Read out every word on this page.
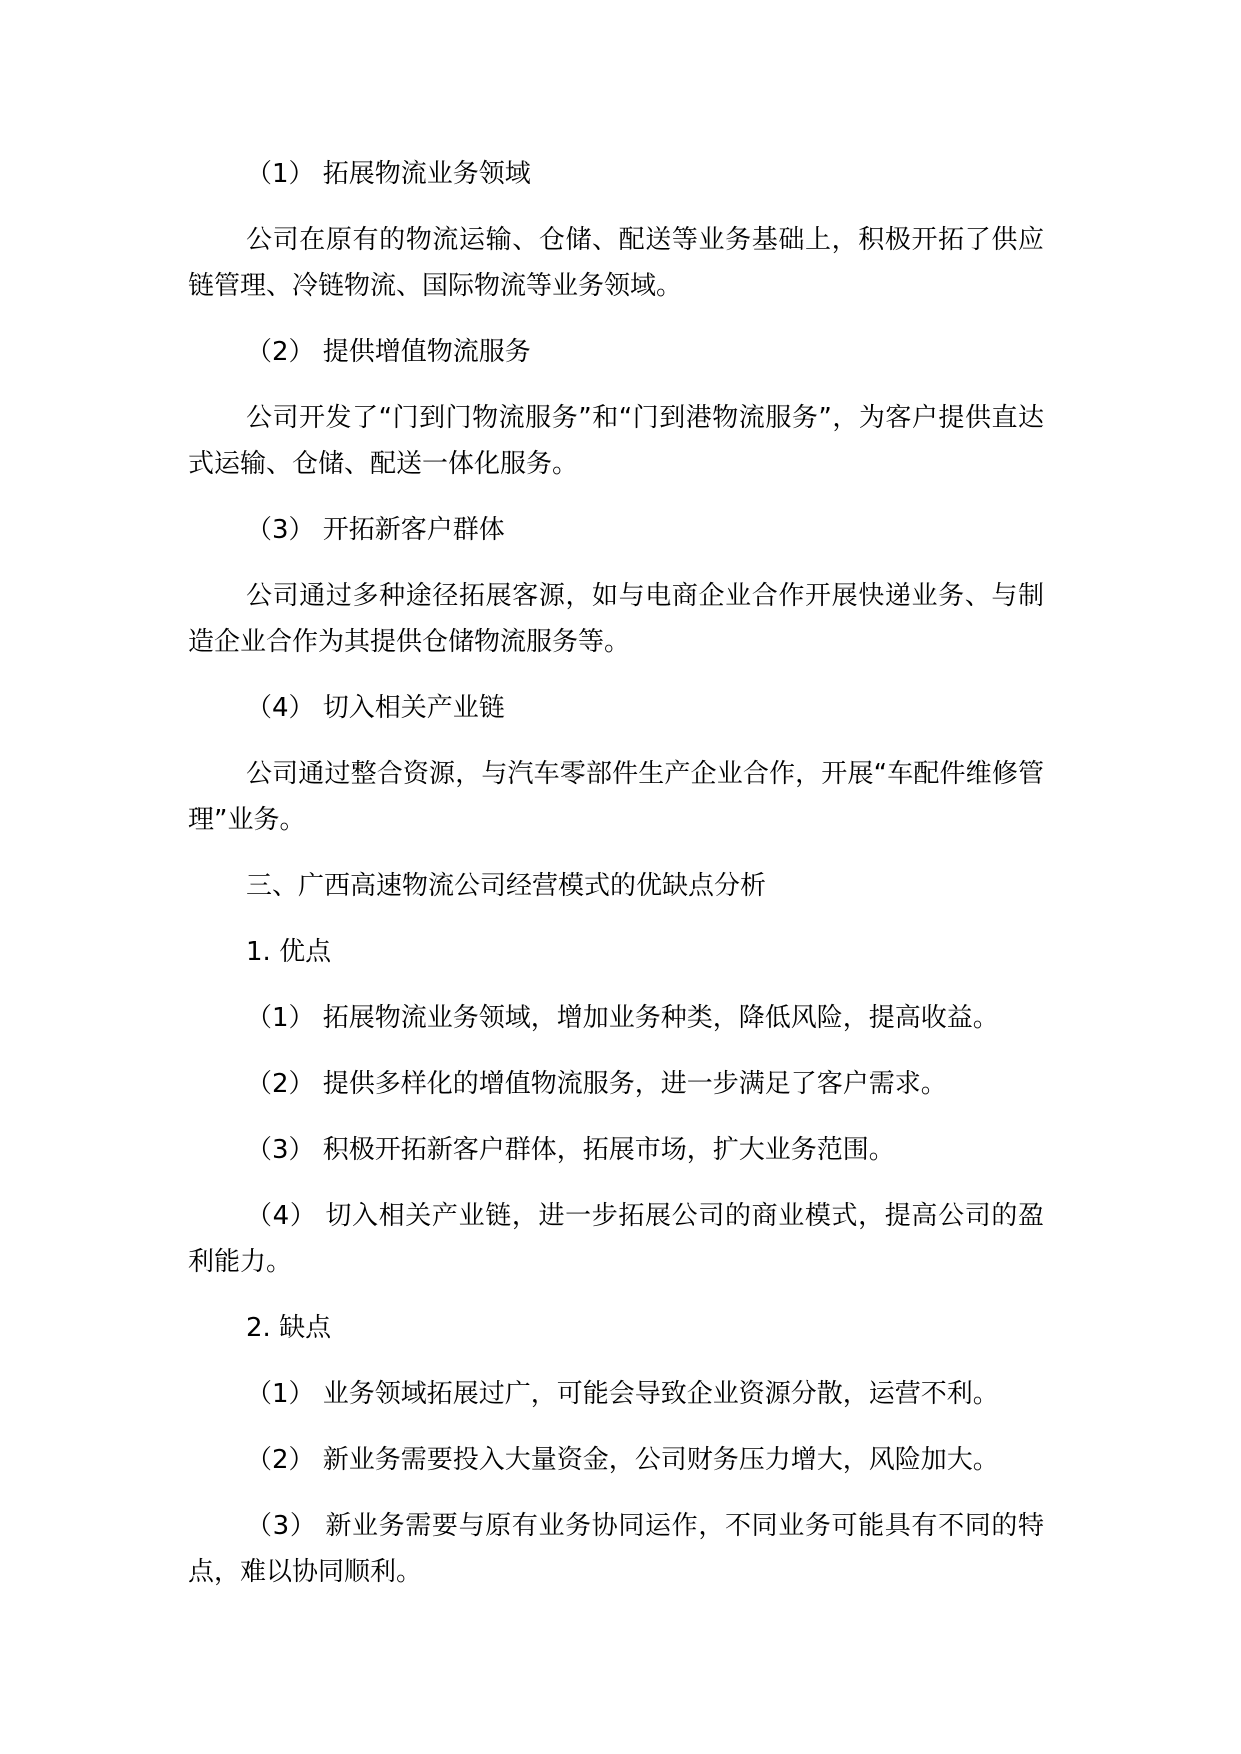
（1） 拓展物流业务领域

公司在原有的物流运输、仓储、配送等业务基础上，积极开拓了供应链管理、冷链物流、国际物流等业务领域。

（2） 提供增值物流服务

公司开发了“门到门物流服务”和“门到港物流服务”，为客户提供直达式运输、仓储、配送一体化服务。

（3） 开拓新客户群体

公司通过多种途径拓展客源，如与电商企业合作开展快递业务、与制造企业合作为其提供仓储物流服务等。

（4） 切入相关产业链

公司通过整合资源，与汽车零部件生产企业合作，开展“车配件维修管理”业务。

三、广西高速物流公司经营模式的优缺点分析

1. 优点

（1） 拓展物流业务领域，增加业务种类，降低风险，提高收益。

（2） 提供多样化的增值物流服务，进一步满足了客户需求。

（3） 积极开拓新客户群体，拓展市场，扩大业务范围。

（4） 切入相关产业链，进一步拓展公司的商业模式，提高公司的盈利能力。

2. 缺点

（1） 业务领域拓展过广，可能会导致企业资源分散，运营不利。

（2） 新业务需要投入大量资金，公司财务压力增大，风险加大。

（3） 新业务需要与原有业务协同运作，不同业务可能具有不同的特点，难以协同顺利。
